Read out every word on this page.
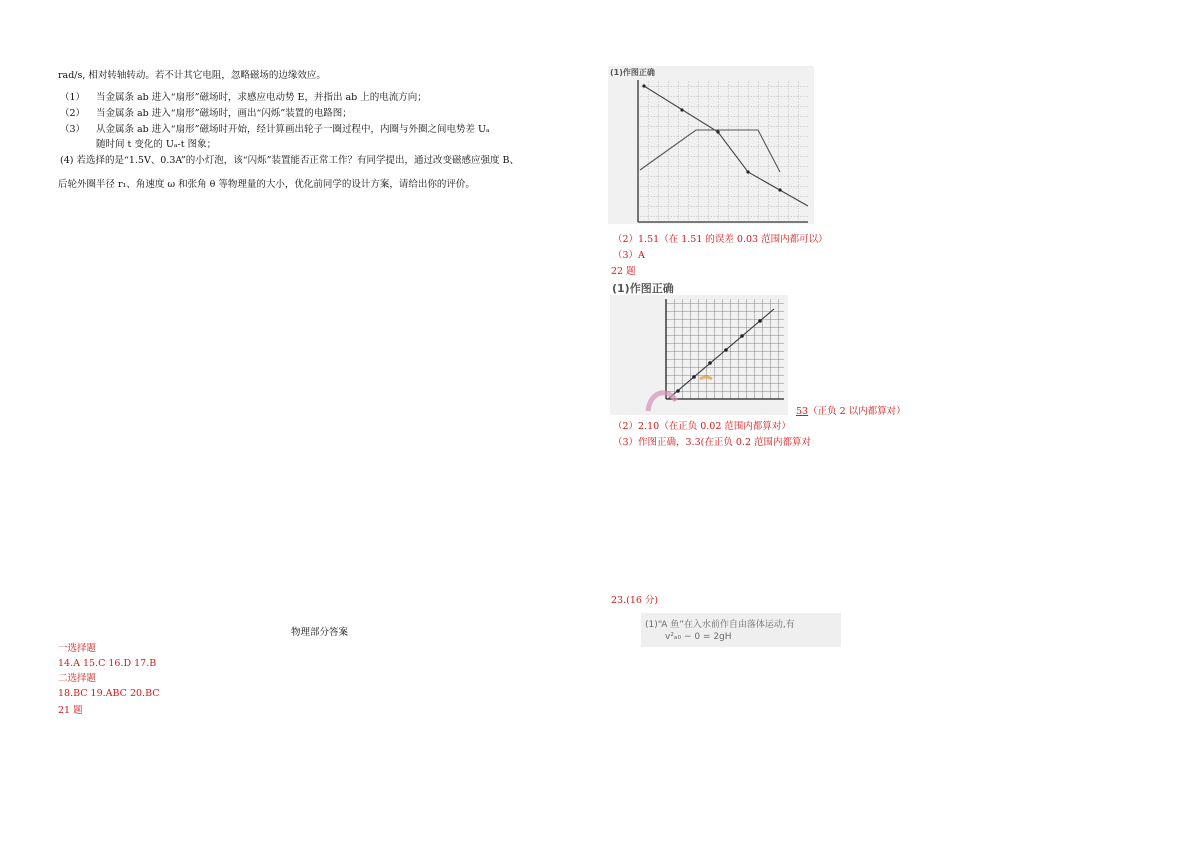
rad/s, 相对转轴转动。若不计其它电阻，忽略磁场的边缘效应。
（1） 当金属条 ab 进入“扇形”磁场时，求感应电动势 E，并指出 ab 上的电流方向；
（2） 当金属条 ab 进入“扇形”磁场时，画出“闪烁”装置的电路图；
（3） 从金属条 ab 进入“扇形”磁场时开始，经计算画出轮子一圈过程中，内圈与外圈之间电势差 Uₐ
随时间 t 变化的 Uₐ-t 图象；
(4) 若选择的是“1.5V、0.3A”的小灯泡，该“闪烁”装置能否正常工作？有同学提出，通过改变磁感应强度 B、
后轮外圈半径 r₁、角速度 ω 和张角 θ 等物理量的大小，优化前同学的设计方案，请给出你的评价。
物理部分答案
一选择题
14.A 15.C 16.D 17.B
二选择题
18.BC 19.ABC 20.BC
21 题
(1)作图正确
（2）1.51（在 1.51 的误差 0.03 范围内都可以）
（3）A
22 题
(1)作图正确
53（正负 2 以内都算对）
（2）2.10（在正负 0.02 范围内都算对）
（3）作图正确，3.3(在正负 0.2 范围内都算对
23.(16 分)
(1)“A 鱼”在入水前作自由落体运动,有
v²ₐ₀ − 0 = 2gH
